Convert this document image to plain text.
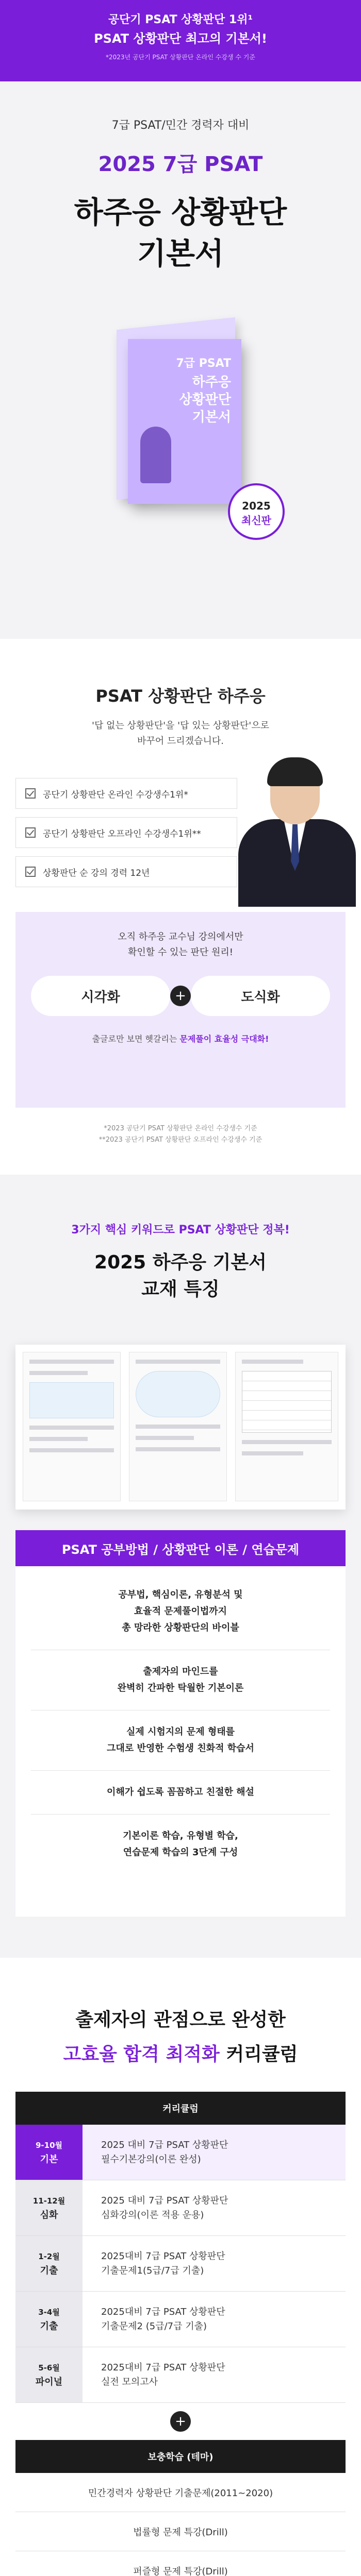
공단기 PSAT 상황판단 1위¹
PSAT 상황판단 최고의 기본서!
*2023년 공단기 PSAT 상황판단 온라인 수강생 수 기준
7급 PSAT/민간 경력자 대비
2025 7급 PSAT
하주응 상황판단
기본서
7급 PSAT
하주응
상황판단
기본서
2025
최신판
PSAT 상황판단 하주응
'답 없는 상황판단'을 '답 있는 상황판단'으로
바꾸어 드리겠습니다.
공단기 상황판단 온라인 수강생수1위*
공단기 상황판단 오프라인 수강생수1위**
상황판단 순 강의 경력 12년
오직 하주응 교수님 강의에서만
확인할 수 있는 판단 원리!
시각화	+	도식화
출글로만 보면 헷갈리는 문제풀이 효율성 극대화!
*2023 공단기 PSAT 상황판단 온라인 수강생수 기준
**2023 공단기 PSAT 상황판단 오프라인 수강생수 기준
3가지 핵심 키워드로 PSAT 상황판단 정복!
2025 하주응 기본서
교재 특징
PSAT 공부방법 / 상황판단 이론 / 연습문제
공부법, 핵심이론, 유형분석 및
효율적 문제풀이법까지
총 망라한 상황판단의 바이블
출제자의 마인드를
완벽히 간파한 탁월한 기본이론
실제 시험지의 문제 형태를
그대로 반영한 수험생 친화적 학습서
이해가 쉽도록 꼼꼼하고 친절한 해설
기본이론 학습, 유형별 학습,
연습문제 학습의 3단계 구성
출제자의 관점으로 완성한
고효율 합격 최적화 커리큘럼
커리큘럼
9-10월
기본
2025 대비 7급 PSAT 상황판단
필수기본강의(이론 완성)
11-12월
심화
2025 대비 7급 PSAT 상황판단
심화강의(이론 적용 운용)
1-2월
기출
2025대비 7급 PSAT 상황판단
기출문제1(5급/7급 기출)
3-4월
기출
2025대비 7급 PSAT 상황판단
기출문제2 (5급/7급 기출)
5-6월
파이널
2025대비 7급 PSAT 상황판단
실전 모의고사
+
보충학습 (테마)
민간경력자 상황판단 기출문제(2011~2020)
법률형 문제 특강(Drill)
퍼즐형 문제 특강(Drill)
